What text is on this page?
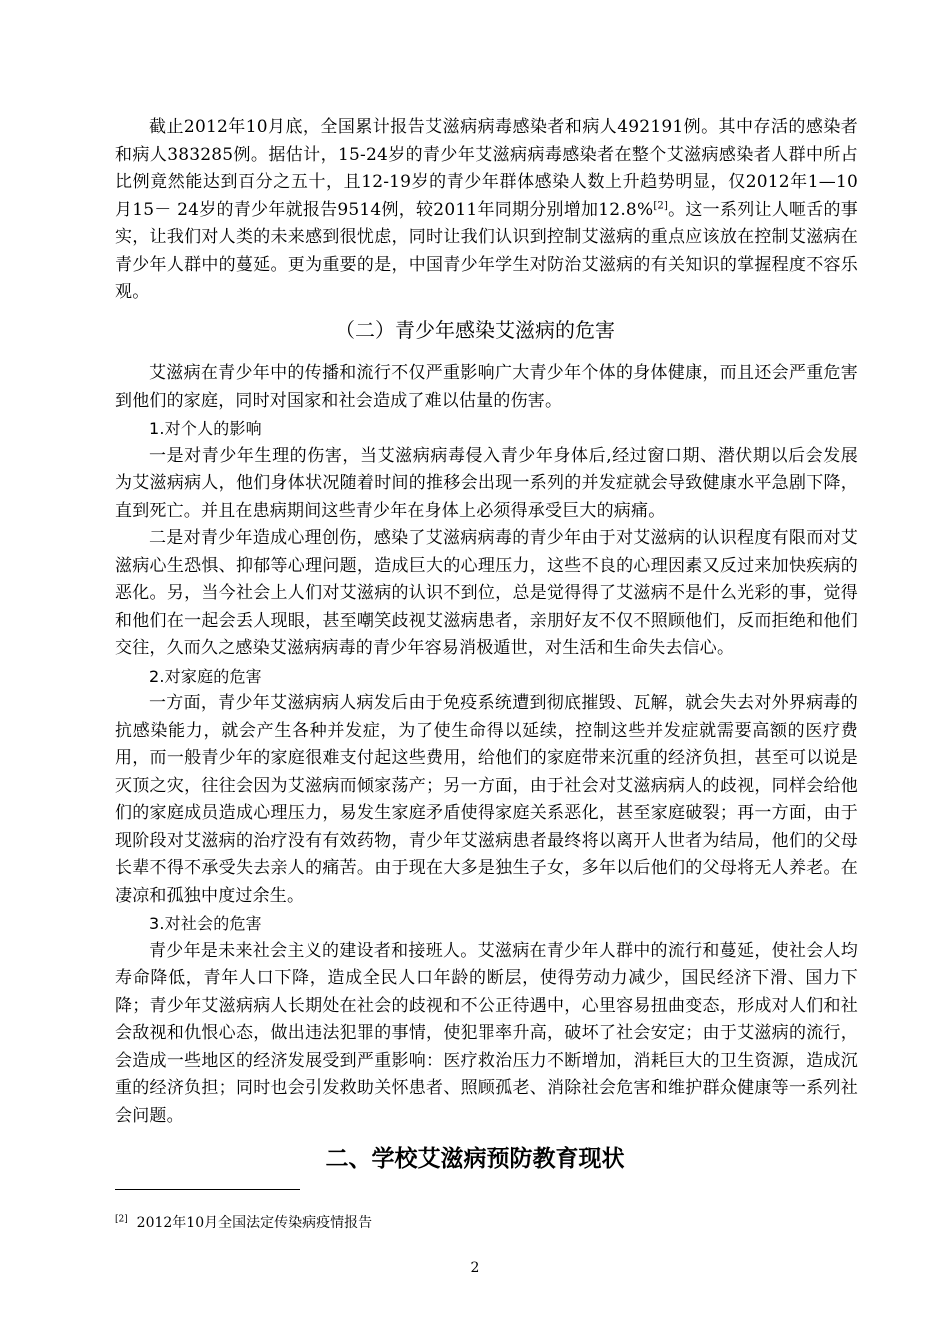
截止2012年10月底，全国累计报告艾滋病病毒感染者和病人492191例。其中存活的感染者和病人383285例。据估计，15-24岁的青少年艾滋病病毒感染者在整个艾滋病感染者人群中所占比例竟然能达到百分之五十，且12-19岁的青少年群体感染人数上升趋势明显，仅2012年1—10月15－ 24岁的青少年就报告9514例，较2011年同期分别增加12.8%[2]。这一系列让人咂舌的事实，让我们对人类的未来感到很忧虑，同时让我们认识到控制艾滋病的重点应该放在控制艾滋病在青少年人群中的蔓延。更为重要的是，中国青少年学生对防治艾滋病的有关知识的掌握程度不容乐观。

（二）青少年感染艾滋病的危害

艾滋病在青少年中的传播和流行不仅严重影响广大青少年个体的身体健康，而且还会严重危害到他们的家庭，同时对国家和社会造成了难以估量的伤害。

1.对个人的影响

一是对青少年生理的伤害，当艾滋病病毒侵入青少年身体后,经过窗口期、潜伏期以后会发展为艾滋病病人，他们身体状况随着时间的推移会出现一系列的并发症就会导致健康水平急剧下降，直到死亡。并且在患病期间这些青少年在身体上必须得承受巨大的病痛。

二是对青少年造成心理创伤，感染了艾滋病病毒的青少年由于对艾滋病的认识程度有限而对艾滋病心生恐惧、抑郁等心理问题，造成巨大的心理压力，这些不良的心理因素又反过来加快疾病的恶化。另，当今社会上人们对艾滋病的认识不到位，总是觉得得了艾滋病不是什么光彩的事，觉得和他们在一起会丢人现眼，甚至嘲笑歧视艾滋病患者，亲朋好友不仅不照顾他们，反而拒绝和他们交往，久而久之感染艾滋病病毒的青少年容易消极遁世，对生活和生命失去信心。

2.对家庭的危害

一方面，青少年艾滋病病人病发后由于免疫系统遭到彻底摧毁、瓦解，就会失去对外界病毒的抗感染能力，就会产生各种并发症，为了使生命得以延续，控制这些并发症就需要高额的医疗费用，而一般青少年的家庭很难支付起这些费用，给他们的家庭带来沉重的经济负担，甚至可以说是灭顶之灾，往往会因为艾滋病而倾家荡产；另一方面，由于社会对艾滋病病人的歧视，同样会给他们的家庭成员造成心理压力，易发生家庭矛盾使得家庭关系恶化，甚至家庭破裂；再一方面，由于现阶段对艾滋病的治疗没有有效药物，青少年艾滋病患者最终将以离开人世者为结局，他们的父母长辈不得不承受失去亲人的痛苦。由于现在大多是独生子女，多年以后他们的父母将无人养老。在凄凉和孤独中度过余生。

3.对社会的危害

青少年是未来社会主义的建设者和接班人。艾滋病在青少年人群中的流行和蔓延，使社会人均寿命降低，青年人口下降，造成全民人口年龄的断层，使得劳动力减少，国民经济下滑、国力下降；青少年艾滋病病人长期处在社会的歧视和不公正待遇中，心里容易扭曲变态，形成对人们和社会敌视和仇恨心态，做出违法犯罪的事情，使犯罪率升高，破坏了社会安定；由于艾滋病的流行，会造成一些地区的经济发展受到严重影响：医疗救治压力不断增加，消耗巨大的卫生资源，造成沉重的经济负担；同时也会引发救助关怀患者、照顾孤老、消除社会危害和维护群众健康等一系列社会问题。

二、学校艾滋病预防教育现状
[2] 2012年10月全国法定传染病疫情报告
2
